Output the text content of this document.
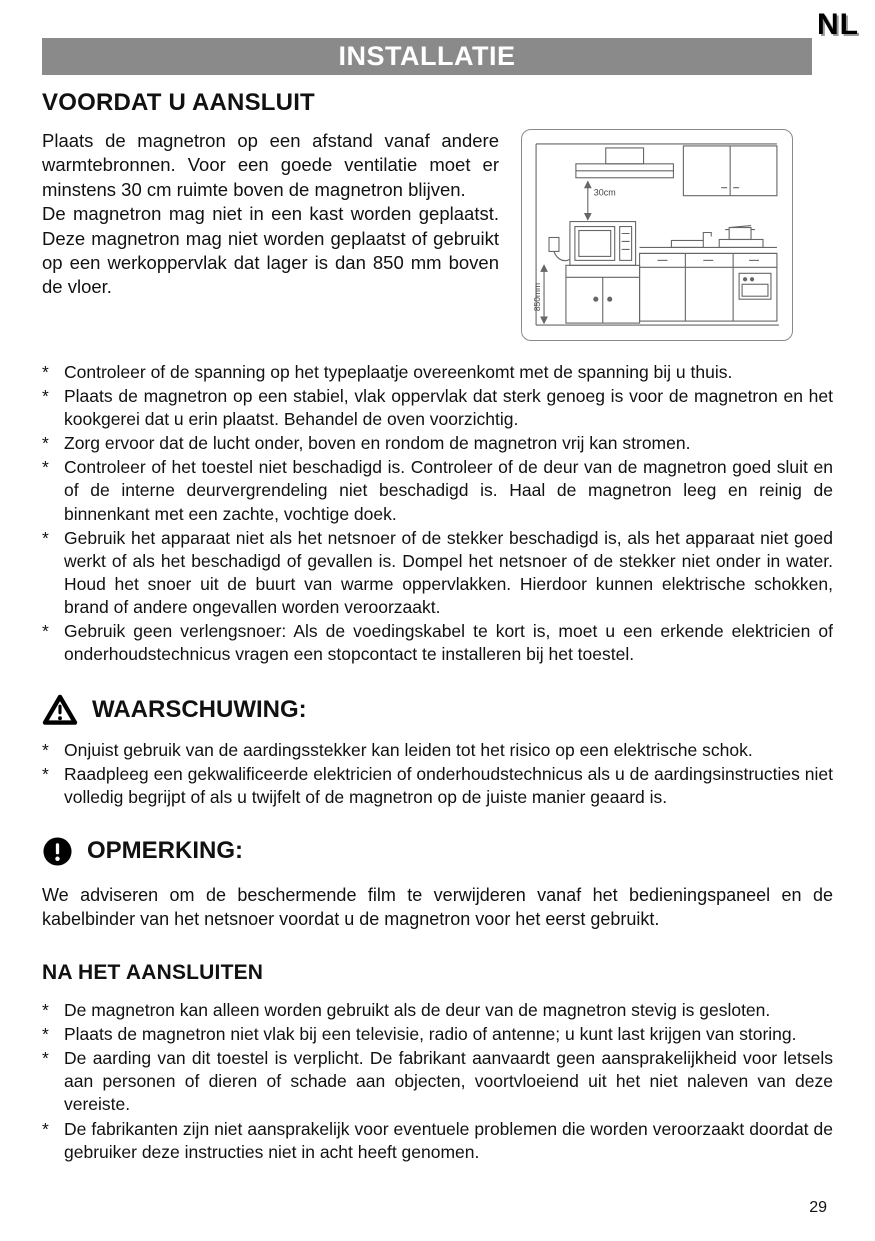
NL
INSTALLATIE
VOORDAT U AANSLUIT

Plaats de magnetron op een afstand vanaf andere warmtebronnen. Voor een goede ventilatie moet er minstens 30 cm ruimte boven de magnetron blijven.

De magnetron mag niet in een kast worden geplaatst. Deze magnetron mag niet worden geplaatst of gebruikt op een werkoppervlak dat lager is dan 850 mm boven de vloer.

30cm
850mm
* Controleer of de spanning op het typeplaatje overeenkomt met de spanning bij u thuis.
* Plaats de magnetron op een stabiel, vlak oppervlak dat sterk genoeg is voor de magnetron en het kookgerei dat u erin plaatst. Behandel de oven voorzichtig.
* Zorg ervoor dat de lucht onder, boven en rondom de magnetron vrij kan stromen.
* Controleer of het toestel niet beschadigd is. Controleer of de deur van de magnetron goed sluit en of de interne deurvergrendeling niet beschadigd is. Haal de magnetron leeg en reinig de binnenkant met een zachte, vochtige doek.
* Gebruik het apparaat niet als het netsnoer of de stekker beschadigd is, als het apparaat niet goed werkt of als het beschadigd of gevallen is. Dompel het netsnoer of de stekker niet onder in water. Houd het snoer uit de buurt van warme oppervlakken. Hierdoor kunnen elektrische schokken, brand of andere ongevallen worden veroorzaakt.
* Gebruik geen verlengsnoer: Als de voedingskabel te kort is, moet u een erkende elektricien of onderhoudstechnicus vragen een stopcontact te installeren bij het toestel.
WAARSCHUWING:
* Onjuist gebruik van de aardingsstekker kan leiden tot het risico op een elektrische schok.
* Raadpleeg een gekwalificeerde elektricien of onderhoudstechnicus als u de aardingsinstructies niet volledig begrijpt of als u twijfelt of de magnetron op de juiste manier geaard is.
OPMERKING:

We adviseren om de beschermende film te verwijderen vanaf het bedieningspaneel en de kabelbinder van het netsnoer voordat u de magnetron voor het eerst gebruikt.

NA HET AANSLUITEN
* De magnetron kan alleen worden gebruikt als de deur van de magnetron stevig is gesloten.
* Plaats de magnetron niet vlak bij een televisie, radio of antenne; u kunt last krijgen van storing.
* De aarding van dit toestel is verplicht. De fabrikant aanvaardt geen aansprakelijkheid voor letsels aan personen of dieren of schade aan objecten, voortvloeiend uit het niet naleven van deze vereiste.
* De fabrikanten zijn niet aansprakelijk voor eventuele problemen die worden veroorzaakt doordat de gebruiker deze instructies niet in acht heeft genomen.
29
